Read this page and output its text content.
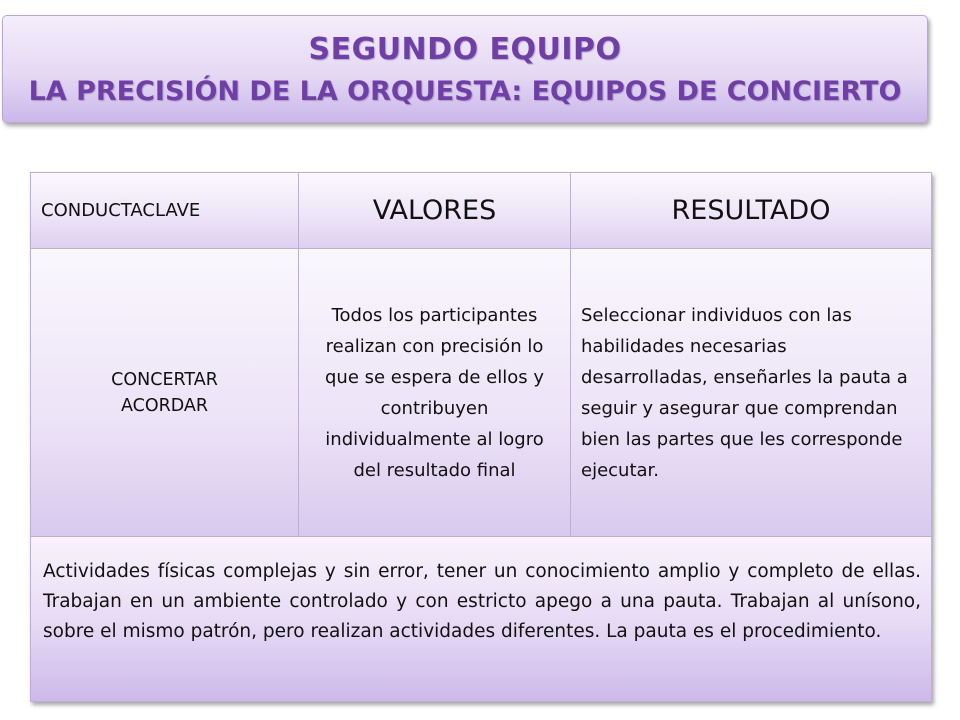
SEGUNDO EQUIPO
LA PRECISIÓN DE LA ORQUESTA: EQUIPOS DE CONCIERTO
CONDUCTACLAVE	VALORES	RESULTADO
CONCERTAR
ACORDAR
Todos los participantes realizan con precisión lo que se espera de ellos y contribuyen individualmente al logro del resultado final
Seleccionar individuos con las habilidades necesarias desarrolladas, enseñarles la pauta a seguir y asegurar que comprendan bien las partes que les corresponde ejecutar.
Actividades físicas complejas y sin error, tener un conocimiento amplio y completo de ellas. Trabajan en un ambiente controlado y con estricto apego a una pauta. Trabajan al unísono, sobre el mismo patrón, pero realizan actividades diferentes. La pauta es el procedimiento.
